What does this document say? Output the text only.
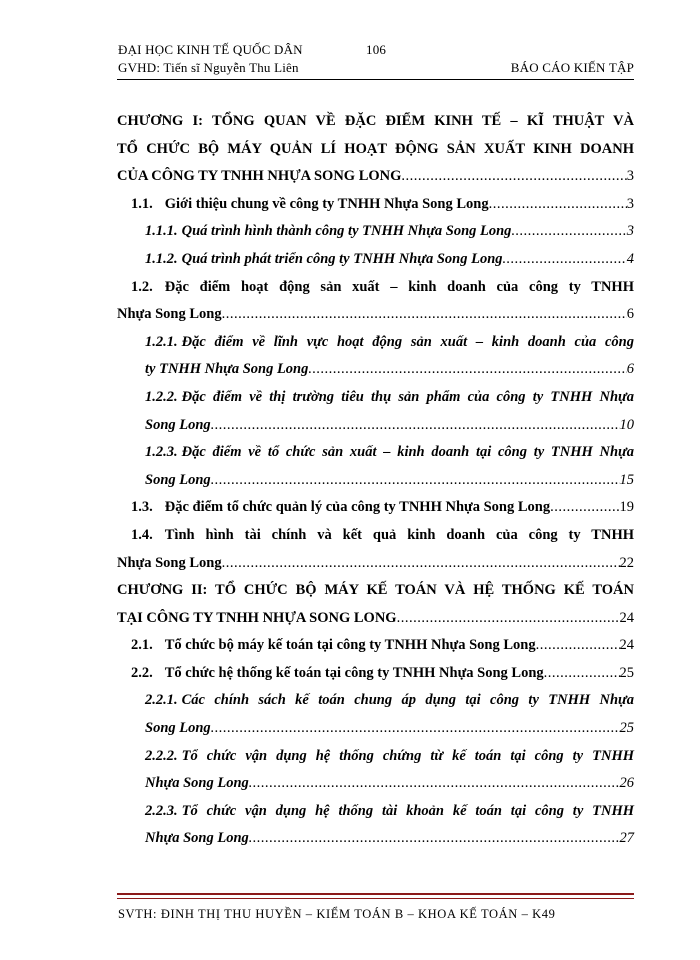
ĐẠI HỌC KINH TẾ QUỐC DÂN	106
GVHD: Tiến sĩ Nguyễn Thu Liên	BÁO CÁO KIẾN TẬP
CHƯƠNG I: TỔNG QUAN VỀ ĐẶC ĐIỂM KINH TẾ – KĨ THUẬT VÀ
TỔ CHỨC BỘ MÁY QUẢN LÍ HOẠT ĐỘNG SẢN XUẤT KINH DOANH
CỦA CÔNG TY TNHH NHỰA SONG LONG .....	3
1.1. Giới thiệu chung về công ty TNHH Nhựa Song Long .....	3
1.1.1. Quá trình hình thành công ty TNHH Nhựa Song Long .....	3
1.1.2. Quá trình phát triển công ty TNHH Nhựa Song Long .....	4
1.2. Đặc điểm hoạt động sản xuất – kinh doanh của công ty TNHH
Nhựa Song Long .....	6
1.2.1. Đặc điểm về lĩnh vực hoạt động sản xuất – kinh doanh của công
ty TNHH Nhựa Song Long .....	6
1.2.2. Đặc điểm về thị trường tiêu thụ sản phẩm của công ty TNHH Nhựa
Song Long .....	10
1.2.3. Đặc điểm về tổ chức sản xuất – kinh doanh tại công ty TNHH Nhựa
Song Long .....	15
1.3. Đặc điểm tổ chức quản lý của công ty TNHH Nhựa Song Long .....	19
1.4. Tình hình tài chính và kết quả kinh doanh của công ty TNHH
Nhựa Song Long .....	22
CHƯƠNG II: TỔ CHỨC BỘ MÁY KẾ TOÁN VÀ HỆ THỐNG KẾ TOÁN
TẠI CÔNG TY TNHH NHỰA SONG LONG .....	24
2.1. Tổ chức bộ máy kế toán tại công ty TNHH Nhựa Song Long .....	24
2.2. Tổ chức hệ thống kế toán tại công ty TNHH Nhựa Song Long .....	25
2.2.1. Các chính sách kế toán chung áp dụng tại công ty TNHH Nhựa
Song Long .....	25
2.2.2. Tổ chức vận dụng hệ thống chứng từ kế toán tại công ty TNHH
Nhựa Song Long .....	26
2.2.3. Tổ chức vận dụng hệ thống tài khoản kế toán tại công ty TNHH
Nhựa Song Long .....	27
SVTH: ĐINH THỊ THU HUYỀN – KIỂM TOÁN B – KHOA KẾ TOÁN – K49
